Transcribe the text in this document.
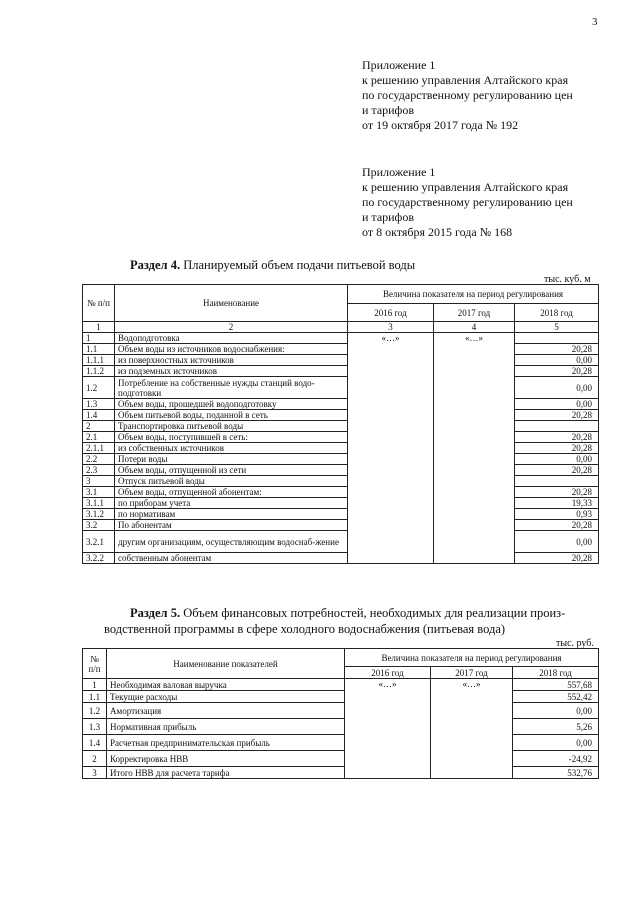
3
Приложение 1
к решению управления Алтайского края
по государственному регулированию цен
и тарифов
от 19 октября 2017 года № 192
Приложение 1
к решению управления Алтайского края
по государственному регулированию цен
и тарифов
от 8 октября 2015 года № 168
Раздел 4. Планируемый объем подачи питьевой воды
тыс. куб. м
№ п/п	Наименование	Величина показателя на период регулирования		
		2016 год	2017 год	2018 год
1	2	3	4	5
1	Водоподготовка	«…»	«…»	
1.1	Объем воды из источников водоснабжения:			20,28
1.1.1	из поверхностных источников			0,00
1.1.2	из подземных источников			20,28
1.2	Потребление на собственные нужды станций водо-подготовки			0,00
1.3	Объем воды, прошедшей водоподготовку			0,00
1.4	Объем питьевой воды, поданной в сеть			20,28
2	Транспортировка питьевой воды			
2.1	Объем воды, поступившей в сеть:			20,28
2.1.1	из собственных источников			20,28
2.2	Потери воды			0,00
2.3	Объем воды, отпущенной из сети			20,28
3	Отпуск питьевой воды			
3.1	Объем воды, отпущенной абонентам:			20,28
3.1.1	по приборам учета			19,33
3.1.2	по нормативам			0,93
3.2	По абонентам			20,28
3.2.1	другим организациям, осуществляющим водоснаб-жение			0,00
3.2.2	собственным абонентам			20,28
Раздел 5. Объем финансовых потребностей, необходимых для реализации произ-
водственной программы в сфере холодного водоснабжения (питьевая вода)
тыс. руб.
№ п/п	Наименование показателей	Величина показателя на период регулирования		
		2016 год	2017 год	2018 год
1	Необходимая валовая выручка	«…»	«…»	557,68
1.1	Текущие расходы			552,42
1.2	Амортизация			0,00
1.3	Нормативная прибыль			5,26
1.4	Расчетная предпринимательская прибыль			0,00
2	Корректировка НВВ			-24,92
3	Итого НВВ для расчета тарифа			532,76
